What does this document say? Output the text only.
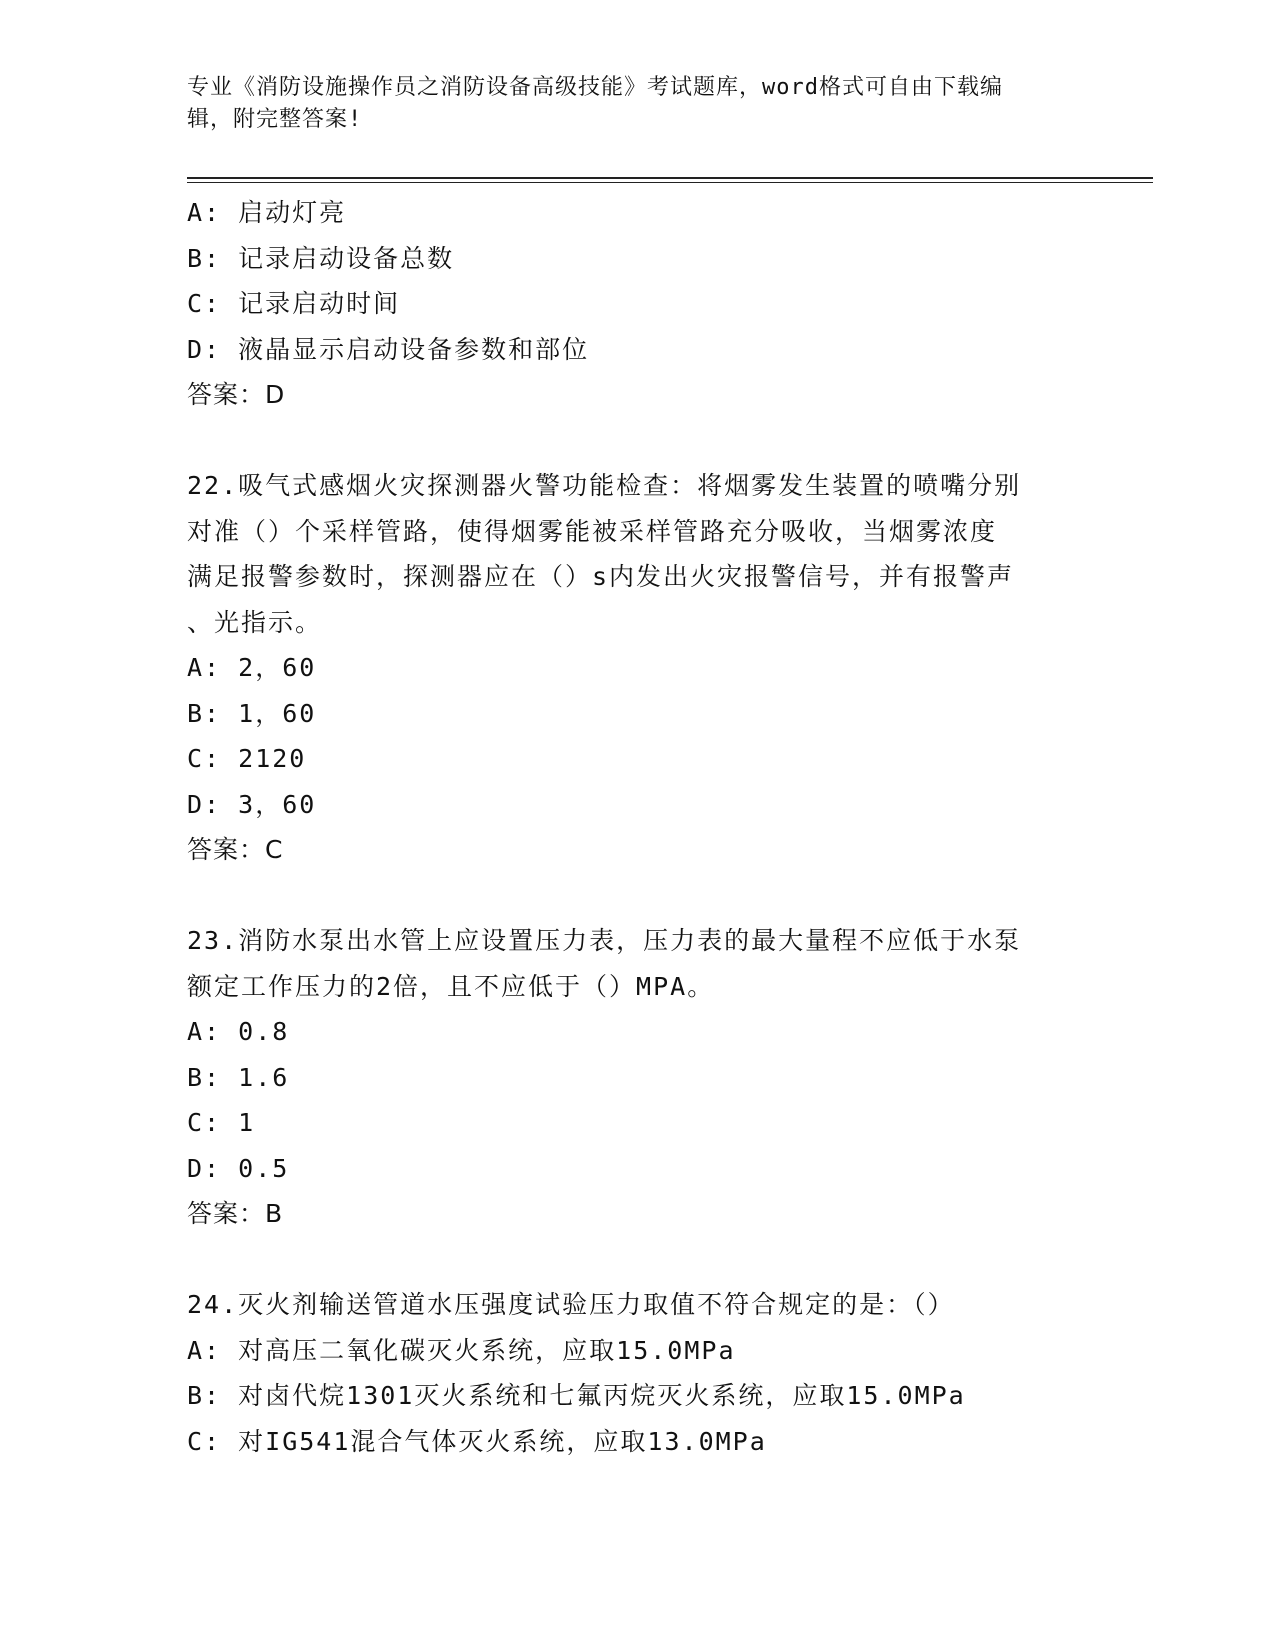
专业《消防设施操作员之消防设备高级技能》考试题库，word格式可自由下载编
辑，附完整答案!
A: 启动灯亮
B: 记录启动设备总数
C: 记录启动时间
D: 液晶显示启动设备参数和部位
答案：D
22.吸气式感烟火灾探测器火警功能检查：将烟雾发生装置的喷嘴分别
对准（）个采样管路，使得烟雾能被采样管路充分吸收，当烟雾浓度
满足报警参数时，探测器应在（）s内发出火灾报警信号，并有报警声
、光指示。
A: 2，60
B: 1，60
C: 2120
D: 3，60
答案：C
23.消防水泵出水管上应设置压力表，压力表的最大量程不应低于水泵
额定工作压力的2倍，且不应低于（）MPA。
A: 0.8
B: 1.6
C: 1
D: 0.5
答案：B
24.灭火剂输送管道水压强度试验压力取值不符合规定的是：（）
A: 对高压二氧化碳灭火系统，应取15.0MPa
B: 对卤代烷1301灭火系统和七氟丙烷灭火系统，应取15.0MPa
C: 对IG541混合气体灭火系统，应取13.0MPa
